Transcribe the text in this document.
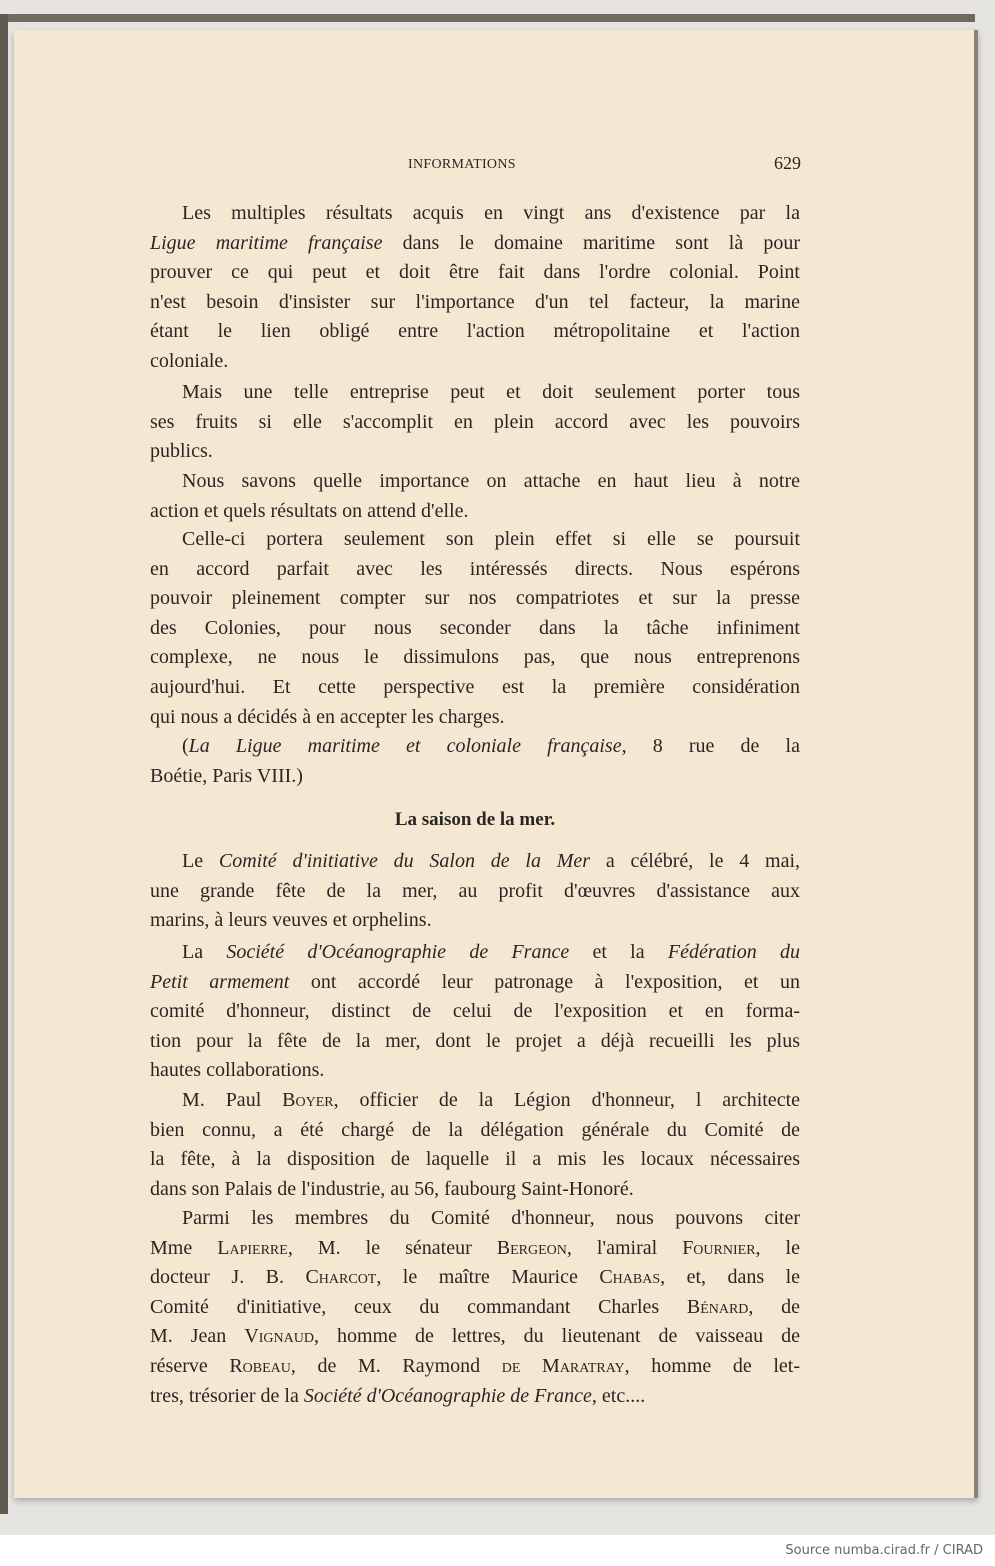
INFORMATIONS	629
Les multiples résultats acquis en vingt ans d'existence par la
Ligue maritime française dans le domaine maritime sont là pour
prouver ce qui peut et doit être fait dans l'ordre colonial. Point
n'est besoin d'insister sur l'importance d'un tel facteur, la marine
étant le lien obligé entre l'action métropolitaine et l'action
coloniale.
Mais une telle entreprise peut et doit seulement porter tous
ses fruits si elle s'accomplit en plein accord avec les pouvoirs
publics.
Nous savons quelle importance on attache en haut lieu à notre
action et quels résultats on attend d'elle.
Celle-ci portera seulement son plein effet si elle se poursuit
en accord parfait avec les intéressés directs. Nous espérons
pouvoir pleinement compter sur nos compatriotes et sur la presse
des Colonies, pour nous seconder dans la tâche infiniment
complexe, ne nous le dissimulons pas, que nous entreprenons
aujourd'hui. Et cette perspective est la première considération
qui nous a décidés à en accepter les charges.
(La Ligue maritime et coloniale française, 8 rue de la
Boétie, Paris VIII.)
Le Comité d'initiative du Salon de la Mer a célébré, le 4 mai,
une grande fête de la mer, au profit d'œuvres d'assistance aux
marins, à leurs veuves et orphelins.
La Société d'Océanographie de France et la Fédération du
Petit armement ont accordé leur patronage à l'exposition, et un
comité d'honneur, distinct de celui de l'exposition et en forma-
tion pour la fête de la mer, dont le projet a déjà recueilli les plus
hautes collaborations.
M. Paul Boyer, officier de la Légion d'honneur, l architecte
bien connu, a été chargé de la délégation générale du Comité de
la fête, à la disposition de laquelle il a mis les locaux nécessaires
dans son Palais de l'industrie, au 56, faubourg Saint-Honoré.
Parmi les membres du Comité d'honneur, nous pouvons citer
Mme Lapierre, M. le sénateur Bergeon, l'amiral Fournier, le
docteur J. B. Charcot, le maître Maurice Chabas, et, dans le
Comité d'initiative, ceux du commandant Charles Bénard, de
M. Jean Vignaud, homme de lettres, du lieutenant de vaisseau de
réserve Robeau, de M. Raymond de Maratray, homme de let-
tres, trésorier de la Société d'Océanographie de France, etc....
La saison de la mer.
Source numba.cirad.fr / CIRAD
